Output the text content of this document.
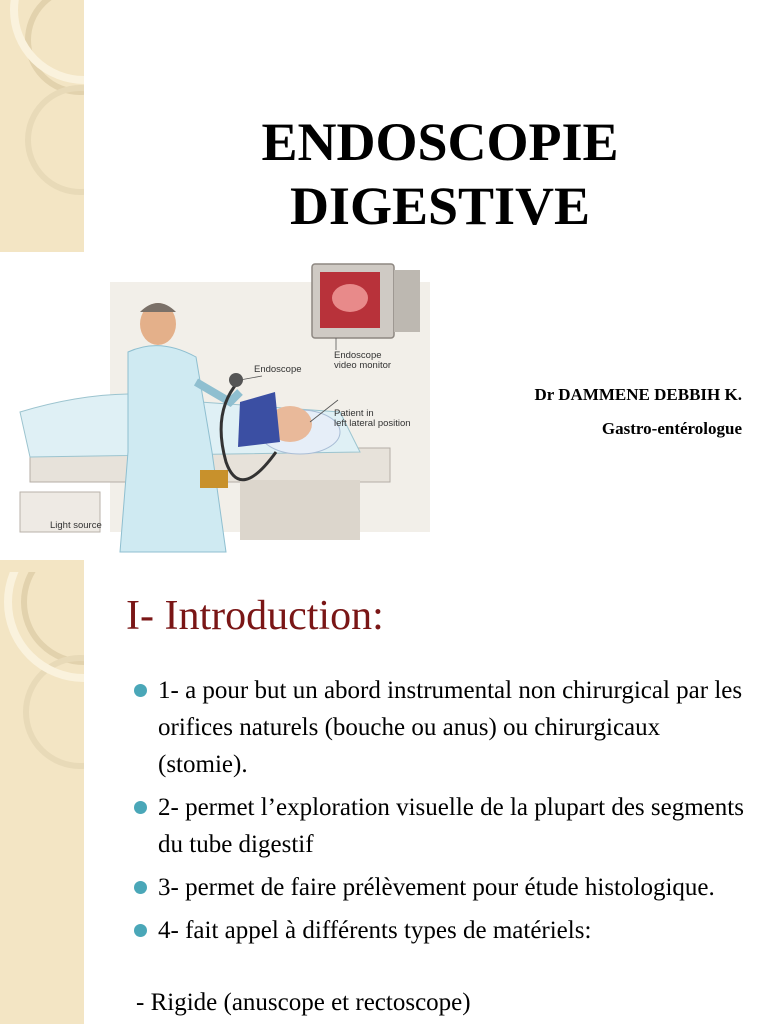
ENDOSCOPIE
DIGESTIVE
Endoscope
Endoscope
video monitor
Patient in
left lateral position
Light source
Dr DAMMENE DEBBIH K.
Gastro-entérologue
I- Introduction:
1- a pour but un abord instrumental non chirurgical par les orifices naturels (bouche ou anus) ou chirurgicaux (stomie).
2- permet l’exploration visuelle de la plupart des segments du tube digestif
3- permet de faire prélèvement pour étude histologique.
4- fait appel à différents types de matériels:
- Rigide (anuscope et rectoscope)
